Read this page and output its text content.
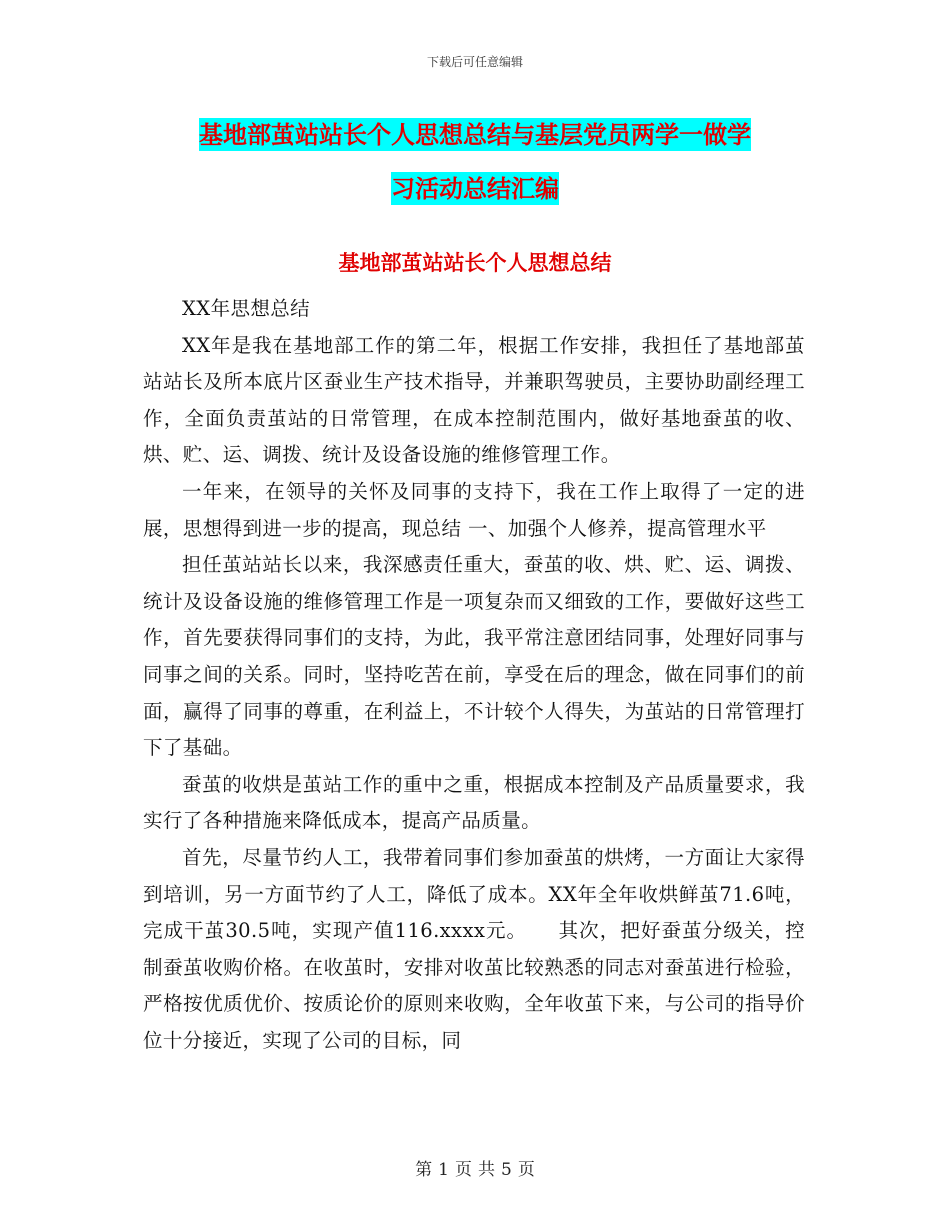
下载后可任意编辑
基地部茧站站长个人思想总结与基层党员两学一做学
习活动总结汇编
基地部茧站站长个人思想总结

XX年思想总结

XX年是我在基地部工作的第二年，根据工作安排，我担任了基地部茧站站长及所本底片区蚕业生产技术指导，并兼职驾驶员，主要协助副经理工作，全面负责茧站的日常管理，在成本控制范围内，做好基地蚕茧的收、烘、贮、运、调拨、统计及设备设施的维修管理工作。

一年来，在领导的关怀及同事的支持下，我在工作上取得了一定的进展，思想得到进一步的提高，现总结 一、加强个人修养，提高管理水平

担任茧站站长以来，我深感责任重大，蚕茧的收、烘、贮、运、调拨、统计及设备设施的维修管理工作是一项复杂而又细致的工作，要做好这些工作，首先要获得同事们的支持，为此，我平常注意团结同事，处理好同事与同事之间的关系。同时，坚持吃苦在前，享受在后的理念，做在同事们的前面，赢得了同事的尊重，在利益上，不计较个人得失，为茧站的日常管理打下了基础。

蚕茧的收烘是茧站工作的重中之重，根据成本控制及产品质量要求，我实行了各种措施来降低成本，提高产品质量。

首先，尽量节约人工，我带着同事们参加蚕茧的烘烤，一方面让大家得到培训，另一方面节约了人工，降低了成本。XX年全年收烘鲜茧71.6吨，完成干茧30.5吨，实现产值116.xxxx元。　　其次，把好蚕茧分级关，控制蚕茧收购价格。在收茧时，安排对收茧比较熟悉的同志对蚕茧进行检验，严格按优质优价、按质论价的原则来收购，全年收茧下来，与公司的指导价位十分接近，实现了公司的目标，同

第 1 页 共 5 页
